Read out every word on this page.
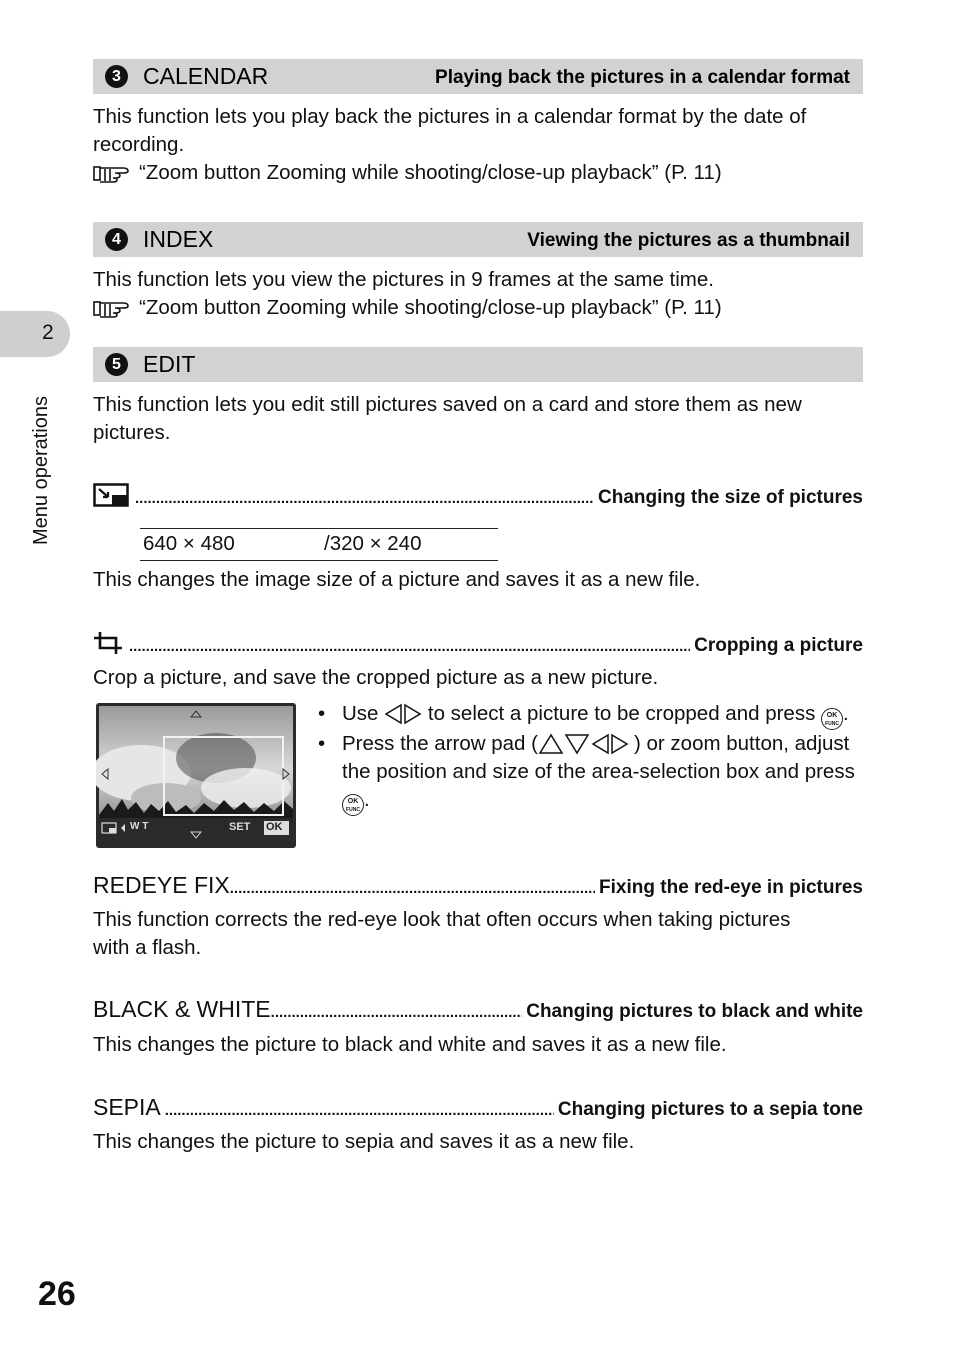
2
Menu operations
3 CALENDAR	Playing back the pictures in a calendar format
This function lets you play back the pictures in a calendar format by the date of
recording.
“Zoom button Zooming while shooting/close-up playback” (P. 11)
4 INDEX	Viewing the pictures as a thumbnail
This function lets you view the pictures in 9 frames at the same time.
“Zoom button Zooming while shooting/close-up playback” (P. 11)
5 EDIT
This function lets you edit still pictures saved on a card and store them as new
pictures.
.....
Changing the size of pictures
640 × 480	/320 × 240
This changes the image size of a picture and saves it as a new file.
.....
Cropping a picture
Crop a picture, and save the cropped picture as a new picture.
W T	SET OK
• Use to select a picture to be cropped and press OK
FUNC .
• Press the arrow pad (	) or zoom button, adjust
the position and size of the area-selection box and press
OK
FUNC .
REDEYE FIX .....	Fixing the red-eye in pictures
This function corrects the red-eye look that often occurs when taking pictures
with a flash.
BLACK & WHITE .....	Changing pictures to black and white
This changes the picture to black and white and saves it as a new file.
SEPIA .....	Changing pictures to a sepia tone
This changes the picture to sepia and saves it as a new file.
26
